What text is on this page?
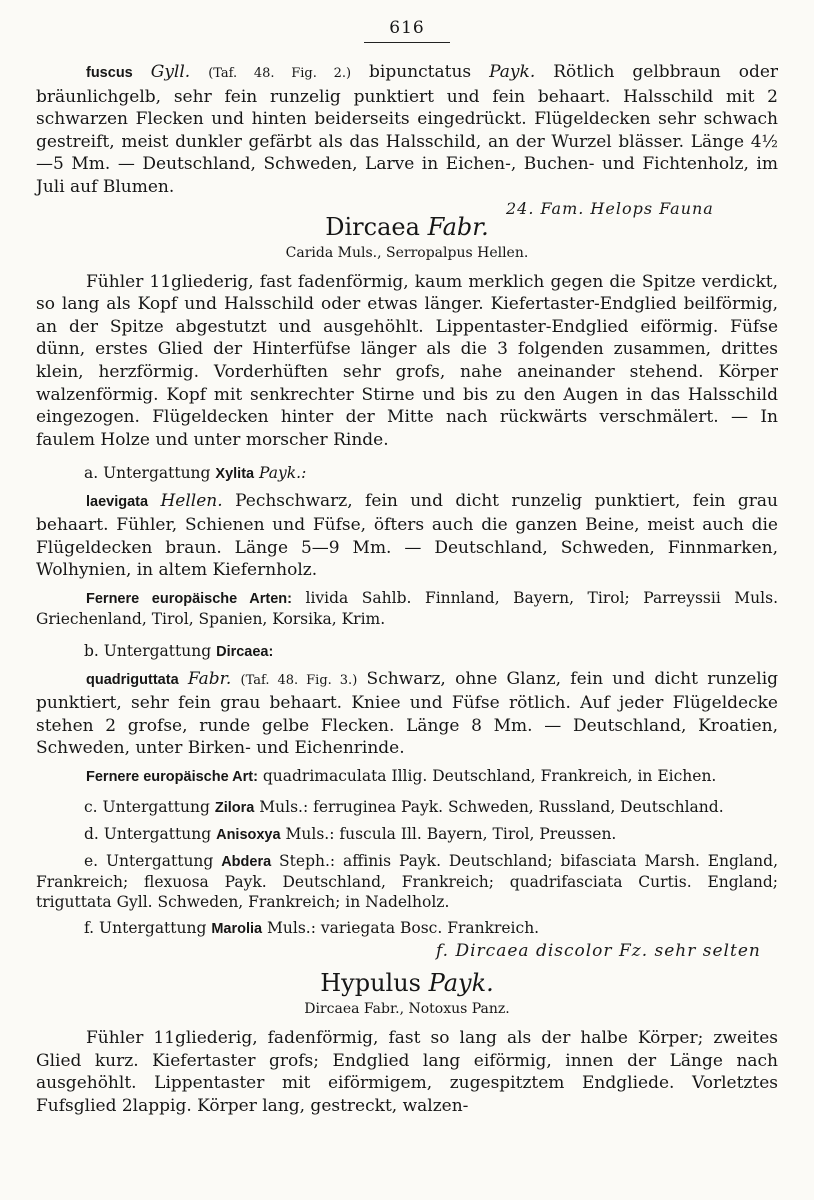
616

fuscus Gyll. (Taf. 48. Fig. 2.) bipunctatus Payk. Rötlich gelbbraun oder bräunlichgelb, sehr fein runzelig punktiert und fein behaart. Halsschild mit 2 schwarzen Flecken und hinten beiderseits eingedrückt. Flügeldecken sehr schwach gestreift, meist dunkler gefärbt als das Halsschild, an der Wurzel blässer. Länge 4½—5 Mm. — Deutschland, Schweden, Larve in Eichen-, Buchen- und Fichtenholz, im Juli auf Blumen.

Dircaea Fabr.
24. Fam. Helops Fauna
Carida Muls., Serropalpus Hellen.

Fühler 11gliederig, fast fadenförmig, kaum merklich gegen die Spitze verdickt, so lang als Kopf und Halsschild oder etwas länger. Kiefertaster-Endglied beilförmig, an der Spitze abgestutzt und ausgehöhlt. Lippentaster-Endglied eiförmig. Füfse dünn, erstes Glied der Hinterfüfse länger als die 3 folgenden zusammen, drittes klein, herzförmig. Vorderhüften sehr grofs, nahe aneinander stehend. Körper walzenförmig. Kopf mit senkrechter Stirne und bis zu den Augen in das Halsschild eingezogen. Flügeldecken hinter der Mitte nach rückwärts verschmälert. — In faulem Holze und unter morscher Rinde.

a. Untergattung Xylita Payk.:

laevigata Hellen. Pechschwarz, fein und dicht runzelig punktiert, fein grau behaart. Fühler, Schienen und Füfse, öfters auch die ganzen Beine, meist auch die Flügeldecken braun. Länge 5—9 Mm. — Deutschland, Schweden, Finnmarken, Wolhynien, in altem Kiefernholz.

Fernere europäische Arten: livida Sahlb. Finnland, Bayern, Tirol; Parreyssii Muls. Griechenland, Tirol, Spanien, Korsika, Krim.

b. Untergattung Dircaea:

quadriguttata Fabr. (Taf. 48. Fig. 3.) Schwarz, ohne Glanz, fein und dicht runzelig punktiert, sehr fein grau behaart. Kniee und Füfse rötlich. Auf jeder Flügeldecke stehen 2 grofse, runde gelbe Flecken. Länge 8 Mm. — Deutschland, Kroatien, Schweden, unter Birken- und Eichenrinde.

Fernere europäische Art: quadrimaculata Illig. Deutschland, Frankreich, in Eichen.

c. Untergattung Zilora Muls.: ferruginea Payk. Schweden, Russland, Deutschland.

d. Untergattung Anisoxya Muls.: fuscula Ill. Bayern, Tirol, Preussen.

e. Untergattung Abdera Steph.: affinis Payk. Deutschland; bifasciata Marsh. England, Frankreich; flexuosa Payk. Deutschland, Frankreich; quadrifasciata Curtis. England; triguttata Gyll. Schweden, Frankreich; in Nadelholz.

f. Untergattung Marolia Muls.: variegata Bosc. Frankreich.

f. Dircaea discolor Fz. sehr selten
Hypulus Payk.
Dircaea Fabr., Notoxus Panz.

Fühler 11gliederig, fadenförmig, fast so lang als der halbe Körper; zweites Glied kurz. Kiefertaster grofs; Endglied lang eiförmig, innen der Länge nach ausgehöhlt. Lippentaster mit eiförmigem, zugespitztem Endgliede. Vorletztes Fufsglied 2lappig. Körper lang, gestreckt, walzen-
